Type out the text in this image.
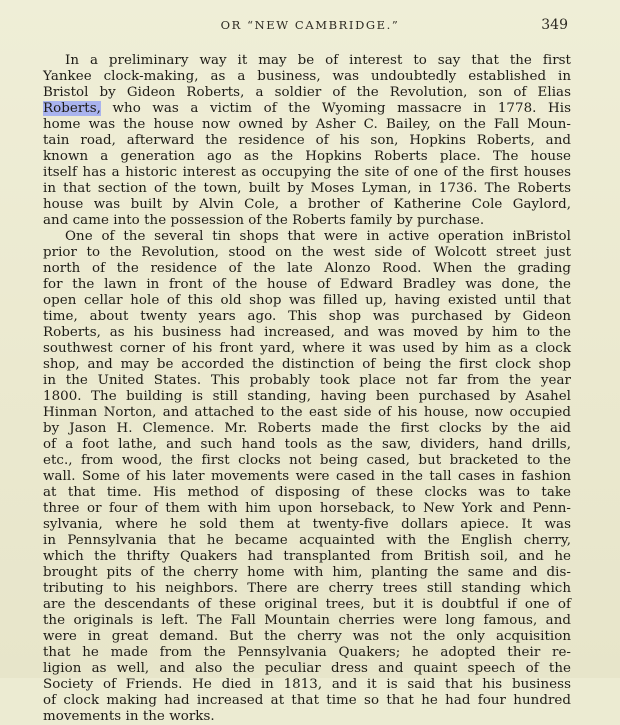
OR “NEW CAMBRIDGE.”	349
In a preliminary way it may be of interest to say that the first
Yankee clock-making, as a business, was undoubtedly established in
Bristol by Gideon Roberts, a soldier of the Revolution, son of Elias
Roberts, who was a victim of the Wyoming massacre in 1778. His
home was the house now owned by Asher C. Bailey, on the Fall Moun-
tain road, afterward the residence of his son, Hopkins Roberts, and
known a generation ago as the Hopkins Roberts place. The house
itself has a historic interest as occupying the site of one of the first houses
in that section of the town, built by Moses Lyman, in 1736. The Roberts
house was built by Alvin Cole, a brother of Katherine Cole Gaylord,
and came into the possession of the Roberts family by purchase.
One of the several tin shops that were in active operation inBristol
prior to the Revolution, stood on the west side of Wolcott street just
north of the residence of the late Alonzo Rood. When the grading
for the lawn in front of the house of Edward Bradley was done, the
open cellar hole of this old shop was filled up, having existed until that
time, about twenty years ago. This shop was purchased by Gideon
Roberts, as his business had increased, and was moved by him to the
southwest corner of his front yard, where it was used by him as a clock
shop, and may be accorded the distinction of being the first clock shop
in the United States. This probably took place not far from the year
1800. The building is still standing, having been purchased by Asahel
Hinman Norton, and attached to the east side of his house, now occupied
by Jason H. Clemence. Mr. Roberts made the first clocks by the aid
of a foot lathe, and such hand tools as the saw, dividers, hand drills,
etc., from wood, the first clocks not being cased, but bracketed to the
wall. Some of his later movements were cased in the tall cases in fashion
at that time. His method of disposing of these clocks was to take
three or four of them with him upon horseback, to New York and Penn-
sylvania, where he sold them at twenty-five dollars apiece. It was
in Pennsylvania that he became acquainted with the English cherry,
which the thrifty Quakers had transplanted from British soil, and he
brought pits of the cherry home with him, planting the same and dis-
tributing to his neighbors. There are cherry trees still standing which
are the descendants of these original trees, but it is doubtful if one of
the originals is left. The Fall Mountain cherries were long famous, and
were in great demand. But the cherry was not the only acquisition
that he made from the Pennsylvania Quakers; he adopted their re-
ligion as well, and also the peculiar dress and quaint speech of the
Society of Friends. He died in 1813, and it is said that his business
of clock making had increased at that time so that he had four hundred
movements in the works.
